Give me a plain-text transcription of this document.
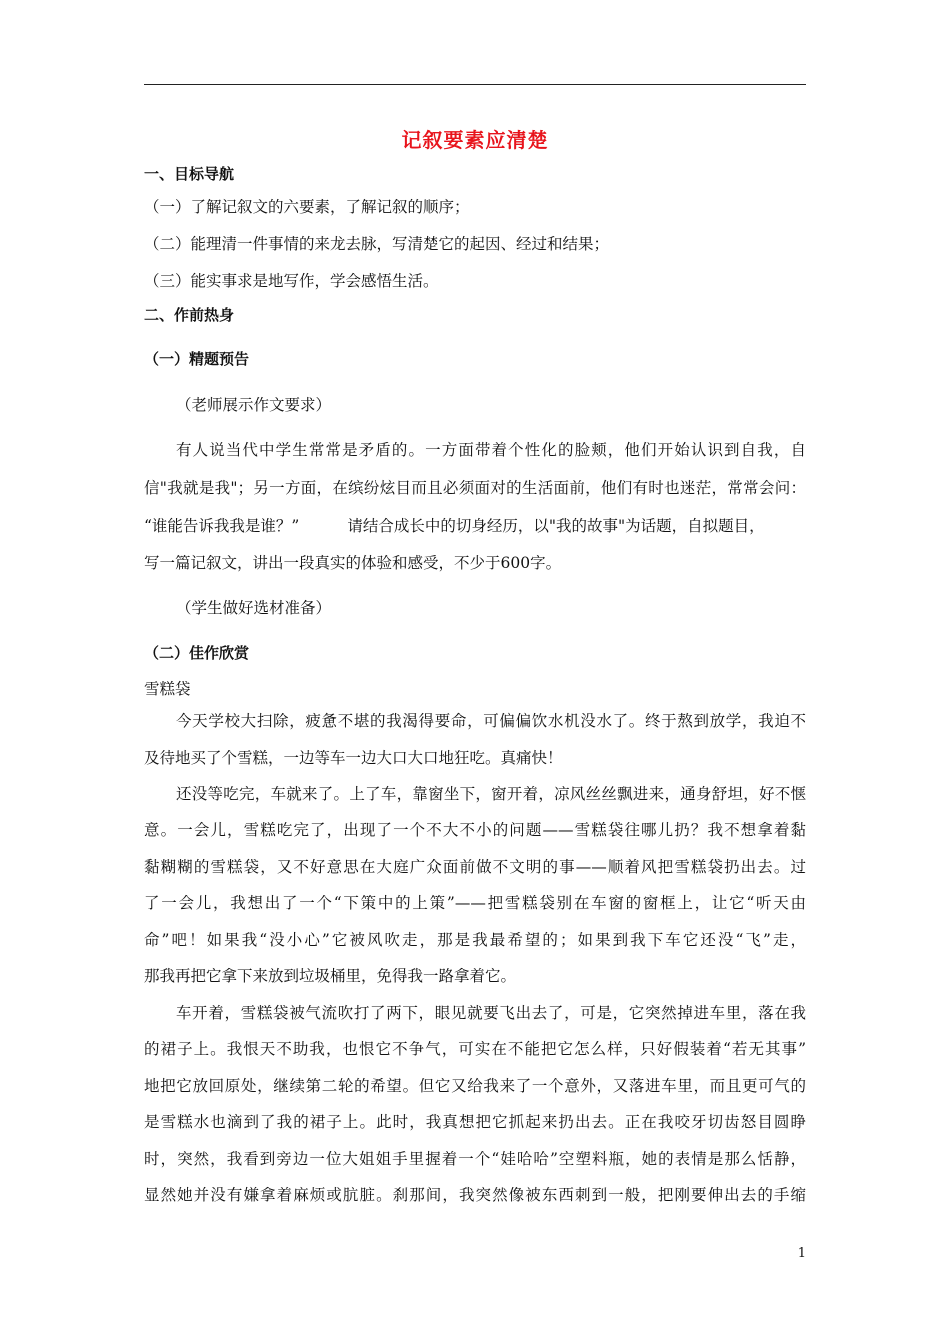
记叙要素应清楚
一、目标导航
（一）了解记叙文的六要素，了解记叙的顺序；
（二）能理清一件事情的来龙去脉，写清楚它的起因、经过和结果；
（三）能实事求是地写作，学会感悟生活。
二、作前热身
（一）精题预告
（老师展示作文要求）
有人说当代中学生常常是矛盾的。一方面带着个性化的脸颊，他们开始认识到自我，自
信"我就是我"；另一方面，在缤纷炫目而且必须面对的生活面前，他们有时也迷茫，常常会问：
“谁能告诉我我是谁？”	请结合成长中的切身经历，以"我的故事"为话题，自拟题目，
写一篇记叙文，讲出一段真实的体验和感受，不少于600字。
（学生做好选材准备）
（二）佳作欣赏
雪糕袋
今天学校大扫除，疲惫不堪的我渴得要命，可偏偏饮水机没水了。终于熬到放学，我迫不
及待地买了个雪糕，一边等车一边大口大口地狂吃。真痛快！
还没等吃完，车就来了。上了车，靠窗坐下，窗开着，凉风丝丝飘进来，通身舒坦，好不惬
意。一会儿，雪糕吃完了，出现了一个不大不小的问题——雪糕袋往哪儿扔？我不想拿着黏
黏糊糊的雪糕袋，又不好意思在大庭广众面前做不文明的事——顺着风把雪糕袋扔出去。过
了一会儿，我想出了一个“下策中的上策”——把雪糕袋别在车窗的窗框上，让它“听天由
命”吧！如果我“没小心”它被风吹走，那是我最希望的；如果到我下车它还没“飞”走，
那我再把它拿下来放到垃圾桶里，免得我一路拿着它。
车开着，雪糕袋被气流吹打了两下，眼见就要飞出去了，可是，它突然掉进车里，落在我
的裙子上。我恨天不助我，也恨它不争气，可实在不能把它怎么样，只好假装着“若无其事”
地把它放回原处，继续第二轮的希望。但它又给我来了一个意外，又落进车里，而且更可气的
是雪糕水也滴到了我的裙子上。此时，我真想把它抓起来扔出去。正在我咬牙切齿怒目圆睁
时，突然，我看到旁边一位大姐姐手里握着一个“娃哈哈”空塑料瓶，她的表情是那么恬静，
显然她并没有嫌拿着麻烦或肮脏。刹那间，我突然像被东西刺到一般，把刚要伸出去的手缩
1
